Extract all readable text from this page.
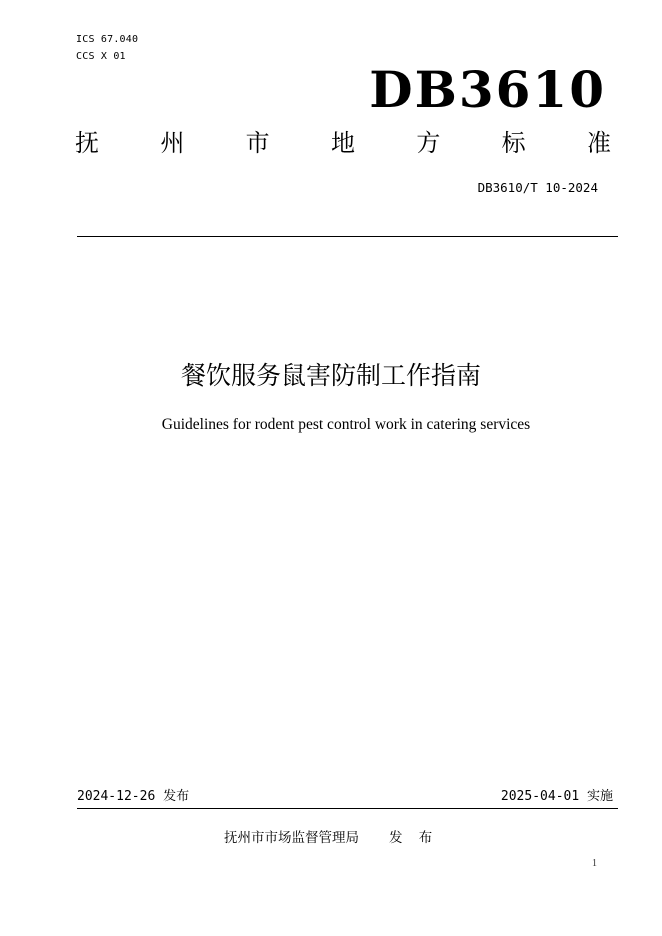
ICS 67.040
CCS X 01
DB3610
抚	州	市	地	方	标	准
DB3610/T 10-2024
餐饮服务鼠害防制工作指南
Guidelines for rodent pest control work in catering services
2024-12-26 发布	2025-04-01 实施
抚州市市场监督管理局 发 布
1
